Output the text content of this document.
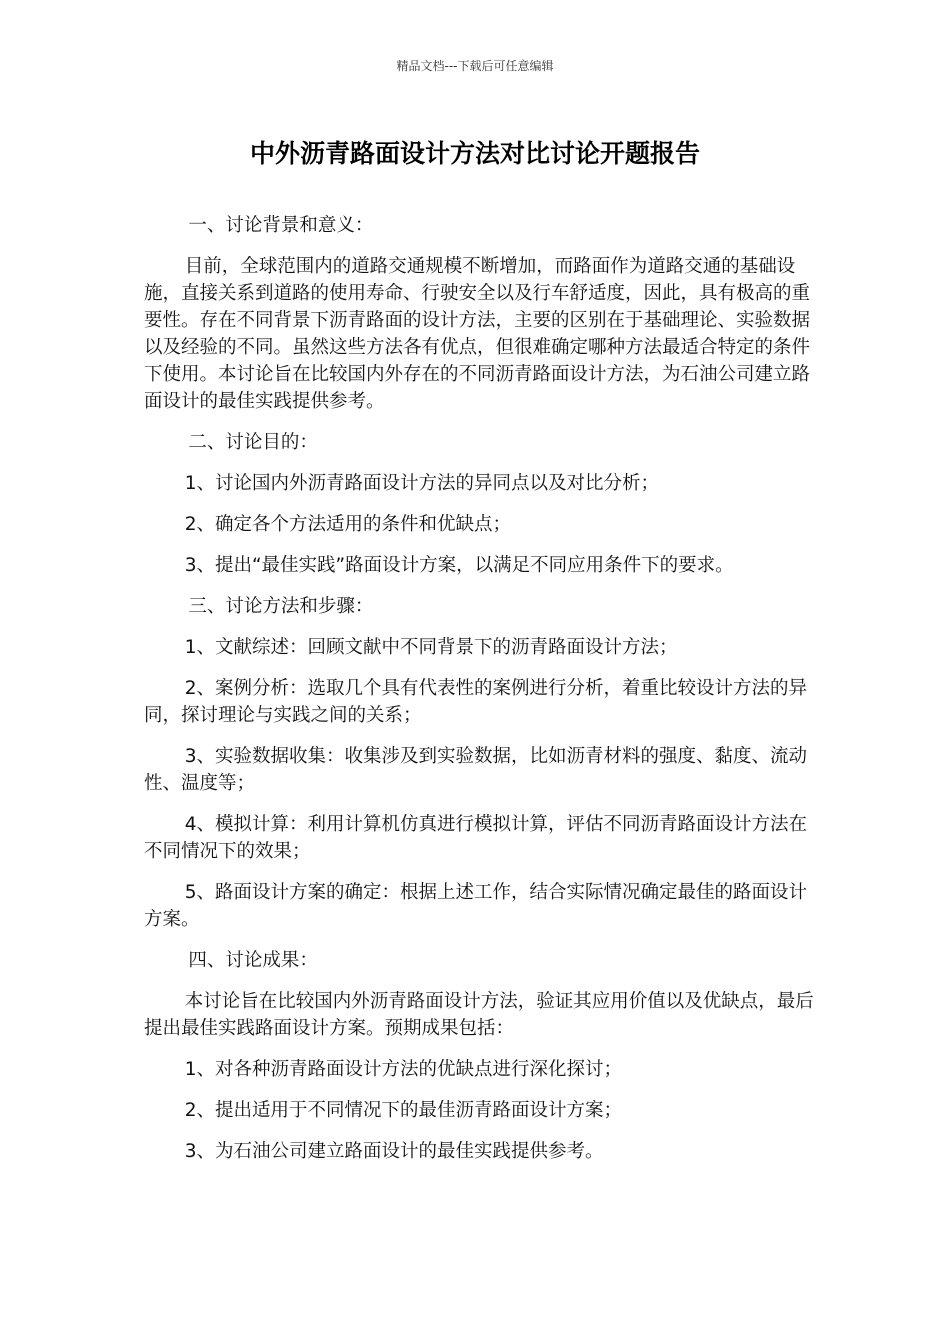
精品文档---下载后可任意编辑
中外沥青路面设计方法对比讨论开题报告

一、讨论背景和意义：

目前，全球范围内的道路交通规模不断增加，而路面作为道路交通的基础设施，直接关系到道路的使用寿命、行驶安全以及行车舒适度，因此，具有极高的重要性。存在不同背景下沥青路面的设计方法，主要的区别在于基础理论、实验数据以及经验的不同。虽然这些方法各有优点，但很难确定哪种方法最适合特定的条件下使用。本讨论旨在比较国内外存在的不同沥青路面设计方法，为石油公司建立路面设计的最佳实践提供参考。

二、讨论目的：

1、讨论国内外沥青路面设计方法的异同点以及对比分析；

2、确定各个方法适用的条件和优缺点；

3、提出“最佳实践”路面设计方案，以满足不同应用条件下的要求。

三、讨论方法和步骤：

1、文献综述：回顾文献中不同背景下的沥青路面设计方法；

2、案例分析：选取几个具有代表性的案例进行分析，着重比较设计方法的异同，探讨理论与实践之间的关系；

3、实验数据收集：收集涉及到实验数据，比如沥青材料的强度、黏度、流动性、温度等；

4、模拟计算：利用计算机仿真进行模拟计算，评估不同沥青路面设计方法在不同情况下的效果；

5、路面设计方案的确定：根据上述工作，结合实际情况确定最佳的路面设计方案。

四、讨论成果：

本讨论旨在比较国内外沥青路面设计方法，验证其应用价值以及优缺点，最后提出最佳实践路面设计方案。预期成果包括：

1、对各种沥青路面设计方法的优缺点进行深化探讨；

2、提出适用于不同情况下的最佳沥青路面设计方案；

3、为石油公司建立路面设计的最佳实践提供参考。
